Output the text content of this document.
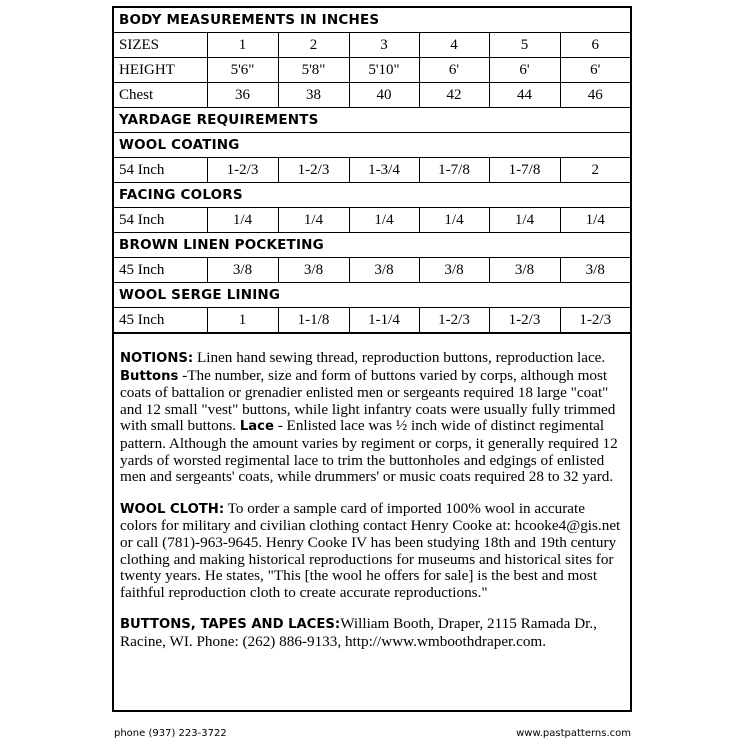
BODY MEASUREMENTS IN INCHES						
SIZES	1	2	3	4	5	6
HEIGHT	5'6"	5'8"	5'10"	6'	6'	6'
Chest	36	38	40	42	44	46
YARDAGE REQUIREMENTS						
WOOL COATING						
54 Inch	1-2/3	1-2/3	1-3/4	1-7/8	1-7/8	2
FACING COLORS						
54 Inch	1/4	1/4	1/4	1/4	1/4	1/4
BROWN LINEN POCKETING						
45 Inch	3/8	3/8	3/8	3/8	3/8	3/8
WOOL SERGE LINING						
45 Inch	1	1-1/8	1-1/4	1-2/3	1-2/3	1-2/3

NOTIONS: Linen hand sewing thread, reproduction buttons, reproduction lace. Buttons -The number, size and form of buttons varied by corps, although most coats of battalion or grenadier enlisted men or sergeants required 18 large "coat" and 12 small "vest" buttons, while light infantry coats were usually fully trimmed with small buttons. Lace - Enlisted lace was ½ inch wide of distinct regimental pattern. Although the amount varies by regiment or corps, it generally required 12 yards of worsted regimental lace to trim the buttonholes and edgings of enlisted men and sergeants' coats, while drummers' or music coats required 28 to 32 yard.

WOOL CLOTH: To order a sample card of imported 100% wool in accurate colors for military and civilian clothing contact Henry Cooke at: hcooke4@gis.net or call (781)-963-9645. Henry Cooke IV has been studying 18th and 19th century clothing and making historical reproductions for museums and historical sites for twenty years. He states, "This [the wool he offers for sale] is the best and most faithful reproduction cloth to create accurate reproductions."

BUTTONS, TAPES AND LACES:William Booth, Draper, 2115 Ramada Dr., Racine, WI. Phone: (262) 886-9133, http://www.wmboothdraper.com.

phone (937) 223-3722	www.pastpatterns.com
